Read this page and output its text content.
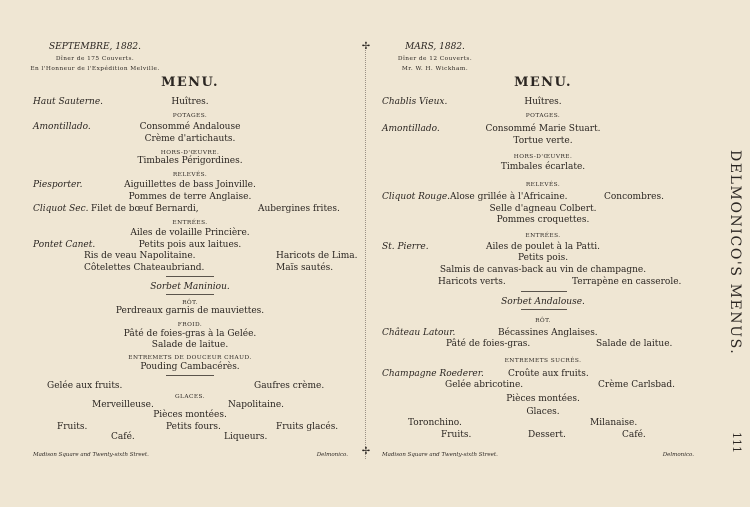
✢
✢
SEPTEMBRE, 1882.
Dîner de 175 Couverts.
En l'Honneur de l'Expédition Melville.
MENU.
Haut Sauterne.	Huîtres.
POTAGES.
Amontillado.	Consommé Andalouse
Crème d'artichauts.
HORS-D'ŒUVRE.
Timbales Périgordines.
RELEVÉS.
Piesporter.	Aiguillettes de bass Joinville.
Pommes de terre Anglaise.
Cliquot Sec. Filet de bœuf Bernardi,	Aubergines frites.
ENTRÉES.
Ailes de volaille Princière.
Pontet Canet.	Petits pois aux laitues.
Ris de veau Napolitaine.	Haricots de Lima.
Côtelettes Chateaubriand.	Maïs sautés.
Sorbet Maniniou.
RÔT.
Perdreaux garnis de mauviettes.
FROID.
Pâté de foies-gras à la Gelée.
Salade de laitue.
ENTREMETS DE DOUCEUR CHAUD.
Pouding Cambacérès.
Gelée aux fruits.	Gaufres crème.
GLACES.
Merveilleuse.	Napolitaine.
Pièces montées.
Fruits.	Petits fours.	Fruits glacés.
Café.	Liqueurs.
Madison Square and Twenty-sixth Street.	Delmonico.
MARS, 1882.
Dîner de 12 Couverts.
Mr. W. H. Wickham.
MENU.
Chablis Vieux.	Huîtres.
POTAGES.
Amontillado.	Consommé Marie Stuart.
Tortue verte.
HORS-D'ŒUVRE.
Timbales écarlate.
RELEVÉS.
Cliquot Rouge. Alose grillée à l'Africaine.	Concombres.
Selle d'agneau Colbert.
Pommes croquettes.
ENTRÉES.
St. Pierre.	Ailes de poulet à la Patti.
Petits pois.
Salmis de canvas-back au vin de champagne.
Haricots verts.	Terrapène en casserole.
Sorbet Andalouse.
RÔT.
Château Latour.	Bécassines Anglaises.
Pâté de foies-gras.	Salade de laitue.
ENTREMETS SUCRÉS.
Champagne Roederer.	Croûte aux fruits.
Gelée abricotine.	Crème Carlsbad.
Pièces montées.
Glaces.
Toronchino.	Milanaise.
Fruits.	Dessert.	Café.
Madison Square and Twenty-sixth Street.	Delmonico.
DELMONICO'S MENUS.
111
